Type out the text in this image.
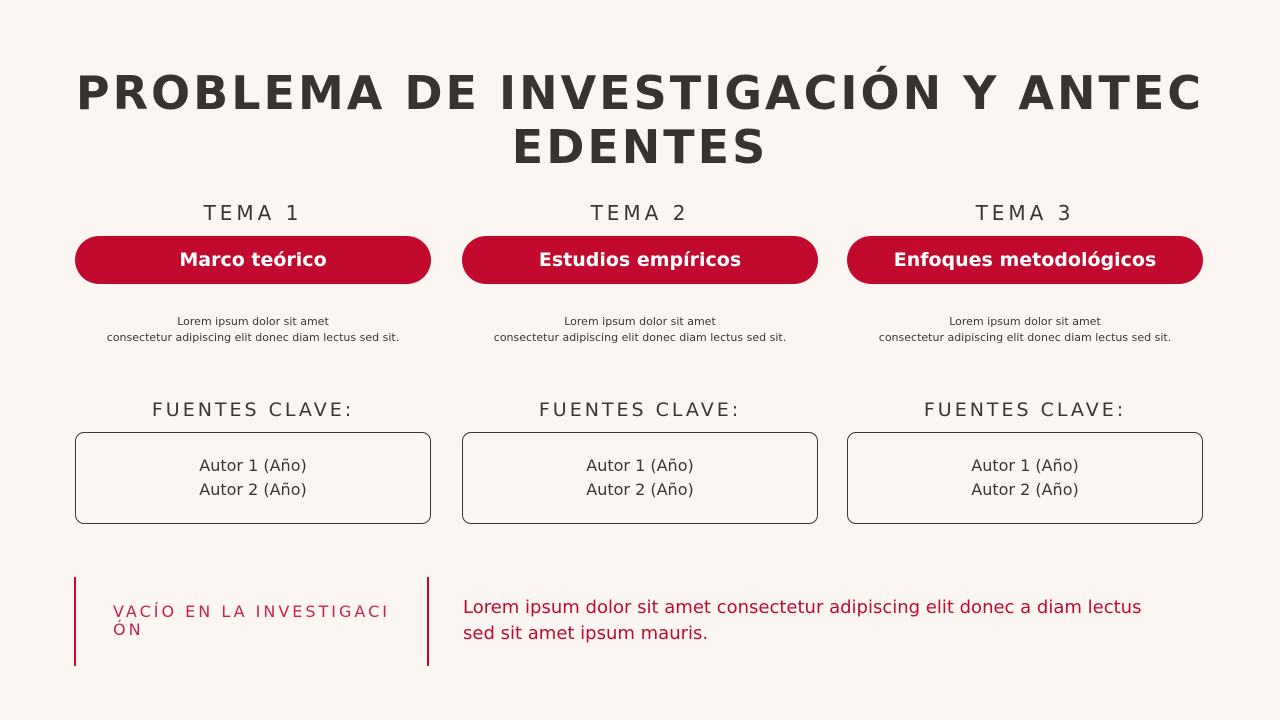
PROBLEMA DE INVESTIGACIÓN Y ANTECEDENTES
TEMA 1
Marco teórico
Lorem ipsum dolor sit amet
consectetur adipiscing elit donec diam lectus sed sit.
FUENTES CLAVE:
Autor 1 (Año)
Autor 2 (Año)
TEMA 2
Estudios empíricos
Lorem ipsum dolor sit amet
consectetur adipiscing elit donec diam lectus sed sit.
FUENTES CLAVE:
Autor 1 (Año)
Autor 2 (Año)
TEMA 3
Enfoques metodológicos
Lorem ipsum dolor sit amet
consectetur adipiscing elit donec diam lectus sed sit.
FUENTES CLAVE:
Autor 1 (Año)
Autor 2 (Año)
VACÍO EN LA INVESTIGACIÓN
Lorem ipsum dolor sit amet consectetur adipiscing elit donec a diam lectus sed sit amet ipsum mauris.
